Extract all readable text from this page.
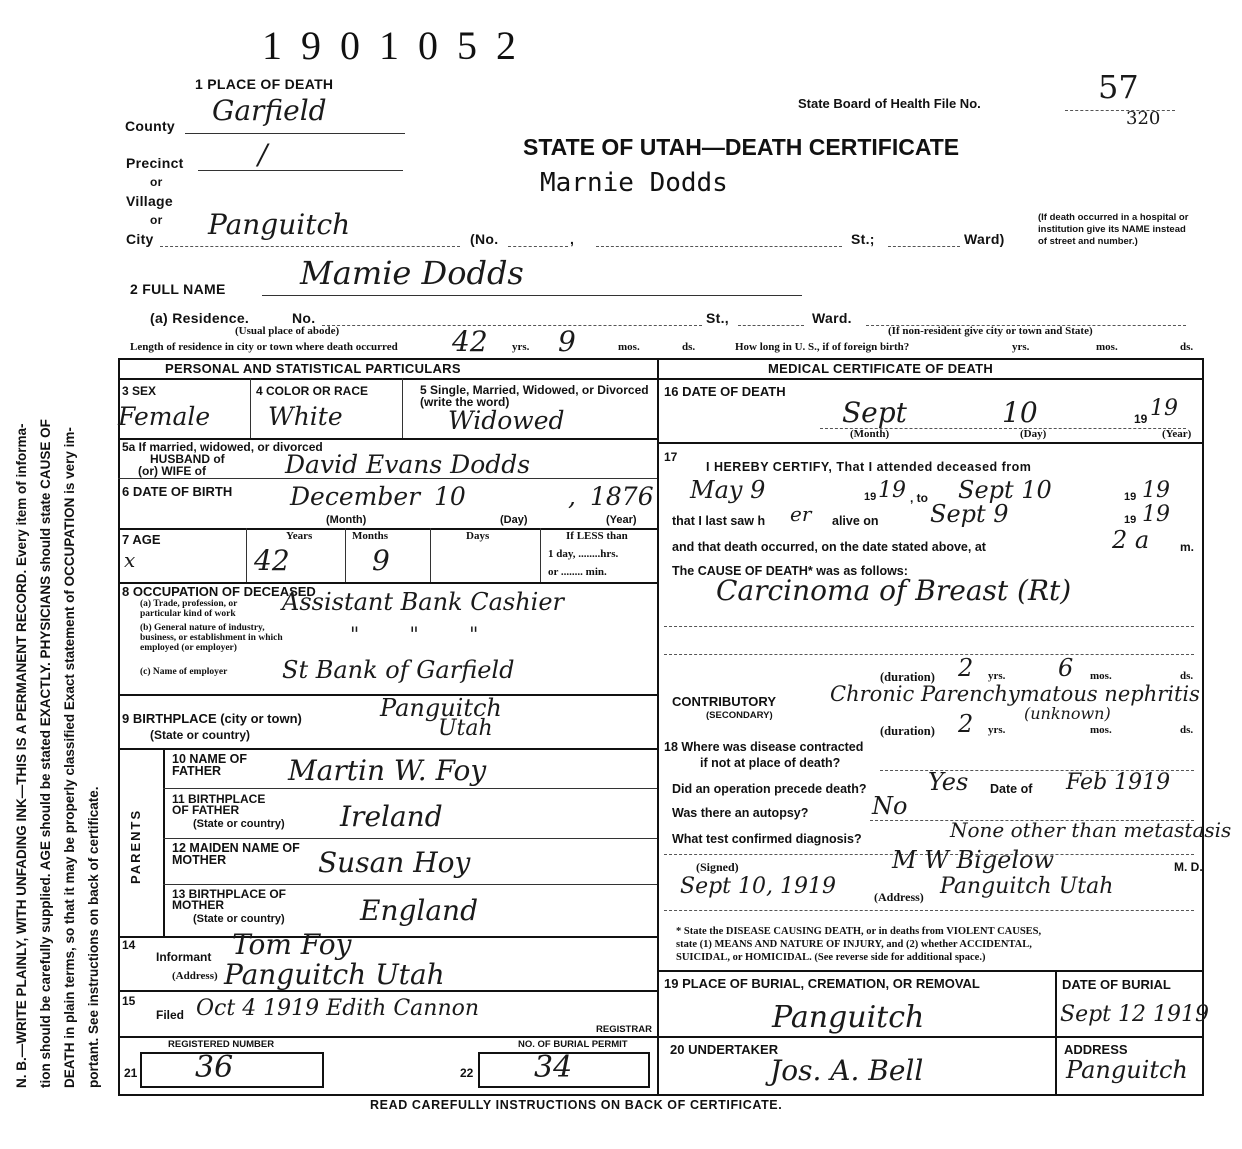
N. B.—WRITE PLAINLY, WITH UNFADING INK—THIS IS A PERMANENT RECORD. Every item of informa- tion should be carefully supplied. AGE should be stated EXACTLY. PHYSICIANS should state CAUSE OF DEATH in plain terms, so that it may be properly classified Exact statement of OCCUPATION is very im- portant. See instructions on back of certificate.
1901052
1 PLACE OF DEATH
State Board of Health File No.	57
320
STATE OF UTAH—DEATH CERTIFICATE
Marnie Dodds
County Garfield
Precinct	/
or
Village
or
City Panguitch	(No.	,	St.;	Ward)
(If death occurred in a hospital or institution give its NAME instead of street and number.)
2 FULL NAME Mamie Dodds
(a) Residence.	No.	St.,	Ward.
(Usual place of abode)	(If non-resident give city or town and State)
Length of residence in city or town where death occurred 42 yrs. 9	mos.	ds.	How long in U. S., if of foreign birth?	yrs.	mos.	ds.
PERSONAL AND STATISTICAL PARTICULARS	MEDICAL CERTIFICATE OF DEATH
3 SEX
Female
4 COLOR OR RACE
White
5 Single, Married, Widowed, or Divorced (write the word)
Widowed
5a If married, widowed, or divorced
HUSBAND of
(or) WIFE of	David Evans Dodds
6 DATE OF BIRTH December 10	, 1876
(Month)	(Day)	(Year)
7 AGE
x
Years	Months	Days
42	9
If LESS than
1 day, ........hrs.
or ........ min.
8 OCCUPATION OF DECEASED
(a) Trade, profession, or particular kind of work	Assistant Bank Cashier
(b) General nature of industry, business, or establishment in which employed (or employer)
" " "
(c) Name of employer St Bank of Garfield
9 BIRTHPLACE (city or town)
(State or country)
Panguitch
Utah
PARENTS
10 NAME OF FATHER	Martin W. Foy
11 BIRTHPLACE OF FATHER
(State or country) Ireland
12 MAIDEN NAME OF MOTHER	Susan Hoy
13 BIRTHPLACE OF MOTHER
(State or country)	England
14
Informant Tom Foy
(Address) Panguitch Utah
15
Filed Oct 4 1919 Edith Cannon
REGISTRAR
REGISTERED NUMBER	NO. OF BURIAL PERMIT
21 36	22 34
16 DATE OF DEATH
Sept	10	19 19
(Month)	(Day)	(Year)
17
I HEREBY CERTIFY, That I attended deceased from
May 9	19 19 , to Sept 10	19 19
that I last saw h er alive on Sept 9	19 19
and that death occurred, on the date stated above, at	2 a	m.
The CAUSE OF DEATH* was as follows:
Carcinoma of Breast (Rt)
(duration) 2 yrs. 6 mos.	ds.
CONTRIBUTORY
(SECONDARY)
Chronic Parenchymatous nephritis
(unknown)
(duration) 2 yrs.	mos.	ds.
18 Where was disease contracted
if not at place of death?
Did an operation precede death?	Yes Date of Feb 1919
Was there an autopsy?	No
What test confirmed diagnosis?	None other than metastasis
(Signed)	M W Bigelow	M. D.
Sept 10, 1919	(Address) Panguitch Utah
* State the DISEASE CAUSING DEATH, or in deaths from VIOLENT CAUSES,
state (1) MEANS AND NATURE OF INJURY, and (2) whether ACCIDENTAL,
SUICIDAL, or HOMICIDAL. (See reverse side for additional space.)
19 PLACE OF BURIAL, CREMATION, OR REMOVAL
Panguitch
DATE OF BURIAL
Sept 12 1919
20 UNDERTAKER
Jos. A. Bell
ADDRESS
Panguitch
READ CAREFULLY INSTRUCTIONS ON BACK OF CERTIFICATE.
